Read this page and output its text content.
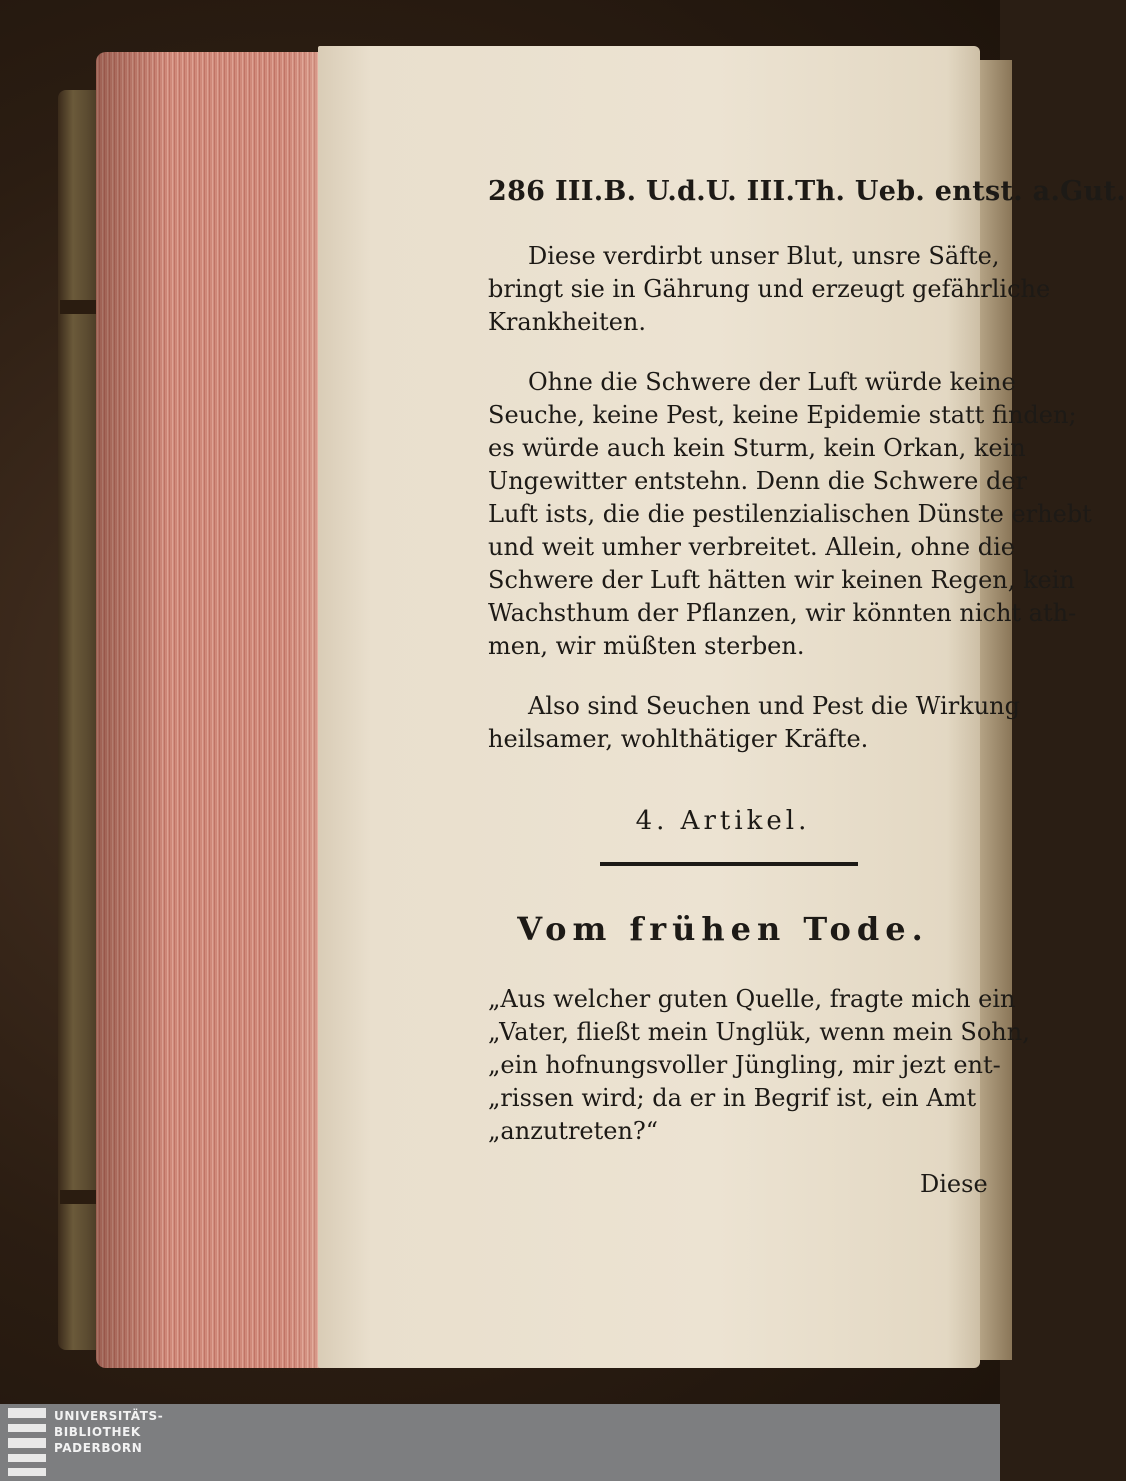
286 III.B. U.d.U. III.Th. Ueb. entst. a.Gut.
Diese verdirbt unser Blut, unsre Säfte,
bringt sie in Gährung und erzeugt gefährliche
Krankheiten.
Ohne die Schwere der Luft würde keine
Seuche, keine Pest, keine Epidemie statt finden;
es würde auch kein Sturm, kein Orkan, kein
Ungewitter entstehn. Denn die Schwere der
Luft ists, die die pestilenzialischen Dünste erhebt
und weit umher verbreitet. Allein, ohne die
Schwere der Luft hätten wir keinen Regen, kein
Wachsthum der Pflanzen, wir könnten nicht ath-
men, wir müßten sterben.
Also sind Seuchen und Pest die Wirkung
heilsamer, wohlthätiger Kräfte.
4. Artikel.
Vom frühen Tode.
„Aus welcher guten Quelle, fragte mich ein
„Vater, fließt mein Unglük, wenn mein Sohn,
„ein hofnungsvoller Jüngling, mir jezt ent-
„rissen wird; da er in Begrif ist, ein Amt
„anzutreten?“
Diese
UNIVERSITÄTS-
BIBLIOTHEK
PADERBORN
